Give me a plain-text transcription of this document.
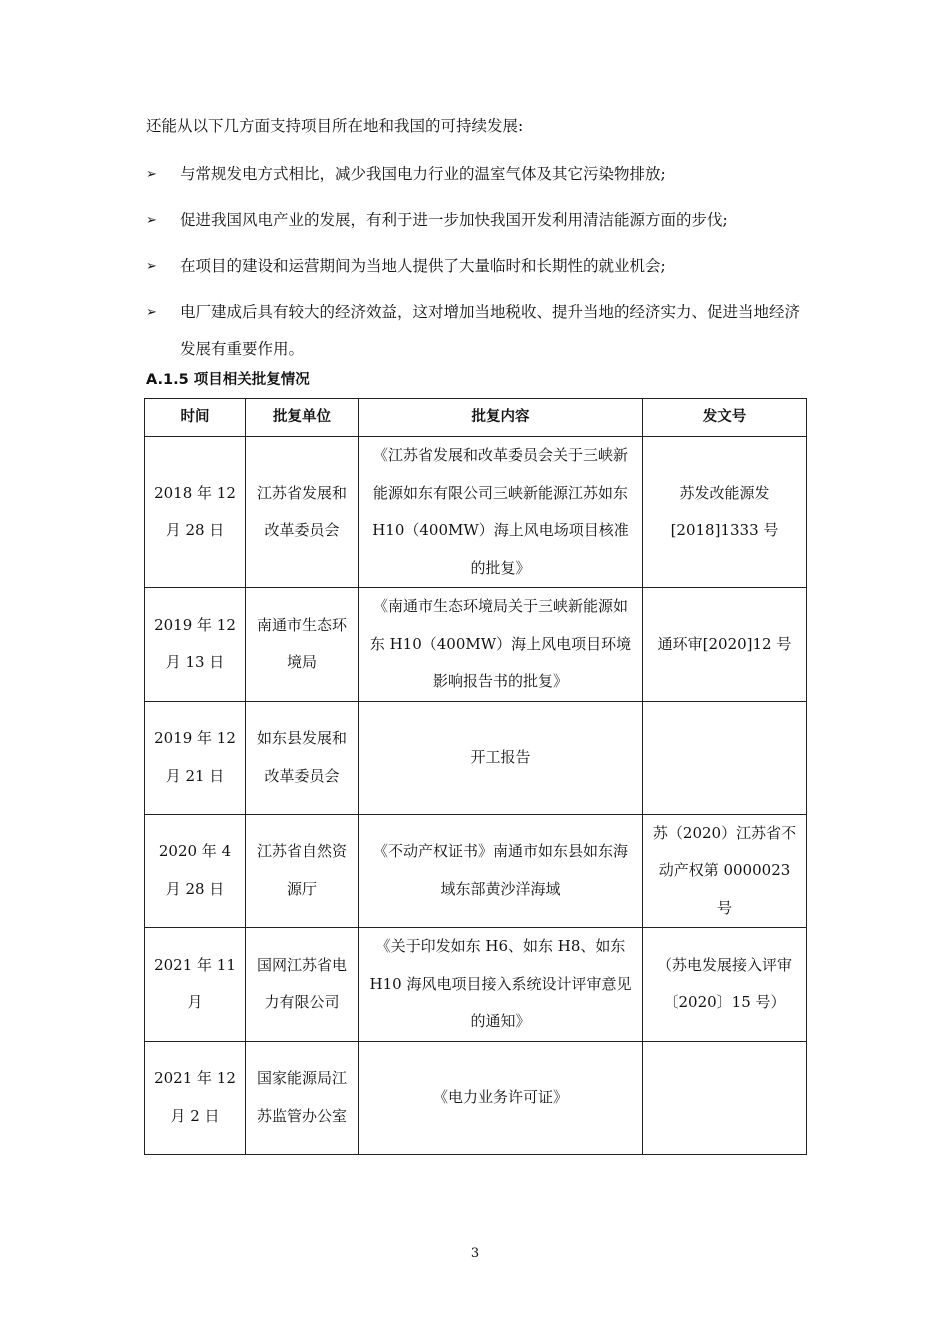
还能从以下几方面支持项目所在地和我国的可持续发展:
➢	与常规发电方式相比，减少我国电力行业的温室气体及其它污染物排放;
➢	促进我国风电产业的发展，有利于进一步加快我国开发利用清洁能源方面的步伐;
➢	在项目的建设和运营期间为当地人提供了大量临时和长期性的就业机会;
➢	电厂建成后具有较大的经济效益，这对增加当地税收、提升当地的经济实力、促进当地经济发展有重要作用。
A.1.5 项目相关批复情况
时间	批复单位	批复内容	发文号
2018 年 12 月 28 日	江苏省发展和改革委员会	《江苏省发展和改革委员会关于三峡新能源如东有限公司三峡新能源江苏如东 H10（400MW）海上风电场项目核准的批复》	苏发改能源发[2018]1333 号
2019 年 12 月 13 日	南通市生态环境局	《南通市生态环境局关于三峡新能源如东 H10（400MW）海上风电项目环境影响报告书的批复》	通环审[2020]12 号
2019 年 12 月 21 日	如东县发展和改革委员会	开工报告	
2020 年 4 月 28 日	江苏省自然资源厅	《不动产权证书》南通市如东县如东海域东部黄沙洋海域	苏（2020）江苏省不动产权第 0000023 号
2021 年 11 月	国网江苏省电力有限公司	《关于印发如东 H6、如东 H8、如东 H10 海风电项目接入系统设计评审意见的通知》	（苏电发展接入评审〔2020〕15 号）
2021 年 12 月 2 日	国家能源局江苏监管办公室	《电力业务许可证》	
3
